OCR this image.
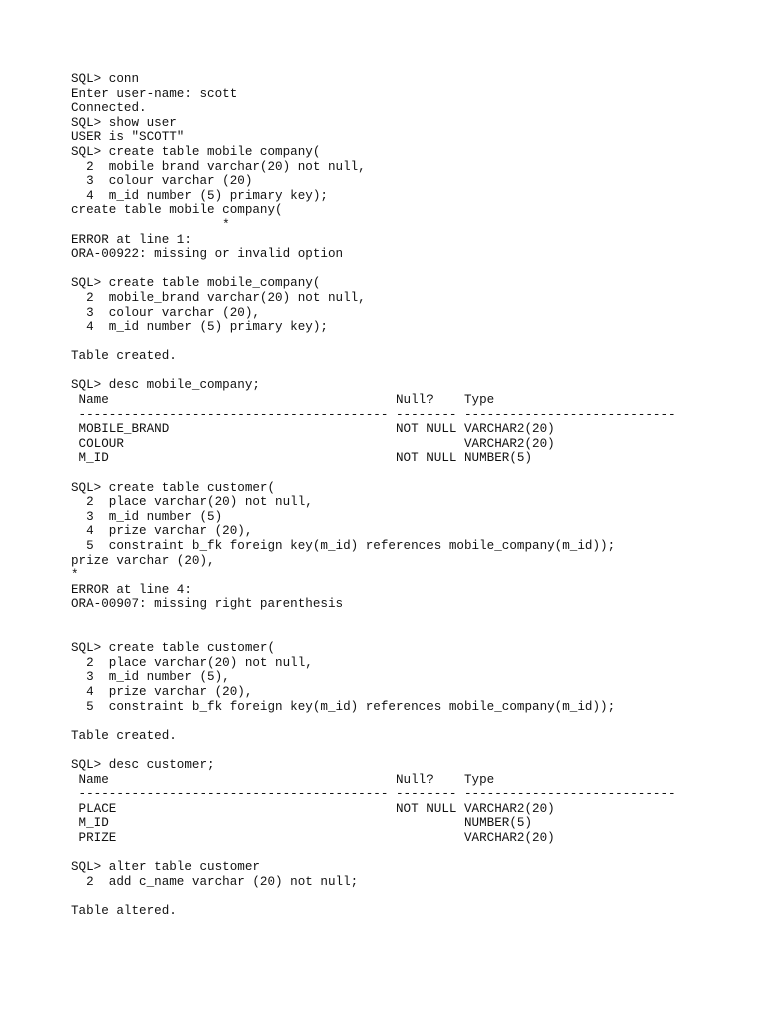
SQL> conn
Enter user-name: scott
Connected.
SQL> show user
USER is "SCOTT"
SQL> create table mobile company(
2  mobile brand varchar(20) not null,
3  colour varchar (20)
4  m_id number (5) primary key);
create table mobile company(
*
ERROR at line 1:
ORA-00922: missing or invalid option
SQL> create table mobile_company(
2  mobile_brand varchar(20) not null,
3  colour varchar (20),
4  m_id number (5) primary key);
Table created.
SQL> desc mobile_company;
Name                                      Null?    Type
----------------------------------------- -------- ----------------------------
MOBILE_BRAND                              NOT NULL VARCHAR2(20)
COLOUR                                             VARCHAR2(20)
M_ID                                      NOT NULL NUMBER(5)
SQL> create table customer(
2  place varchar(20) not null,
3  m_id number (5)
4  prize varchar (20),
5  constraint b_fk foreign key(m_id) references mobile_company(m_id));
prize varchar (20),
*
ERROR at line 4:
ORA-00907: missing right parenthesis
SQL> create table customer(
2  place varchar(20) not null,
3  m_id number (5),
4  prize varchar (20),
5  constraint b_fk foreign key(m_id) references mobile_company(m_id));
Table created.
SQL> desc customer;
Name                                      Null?    Type
----------------------------------------- -------- ----------------------------
PLACE                                     NOT NULL VARCHAR2(20)
M_ID                                               NUMBER(5)
PRIZE                                              VARCHAR2(20)
SQL> alter table customer
2  add c_name varchar (20) not null;
Table altered.
